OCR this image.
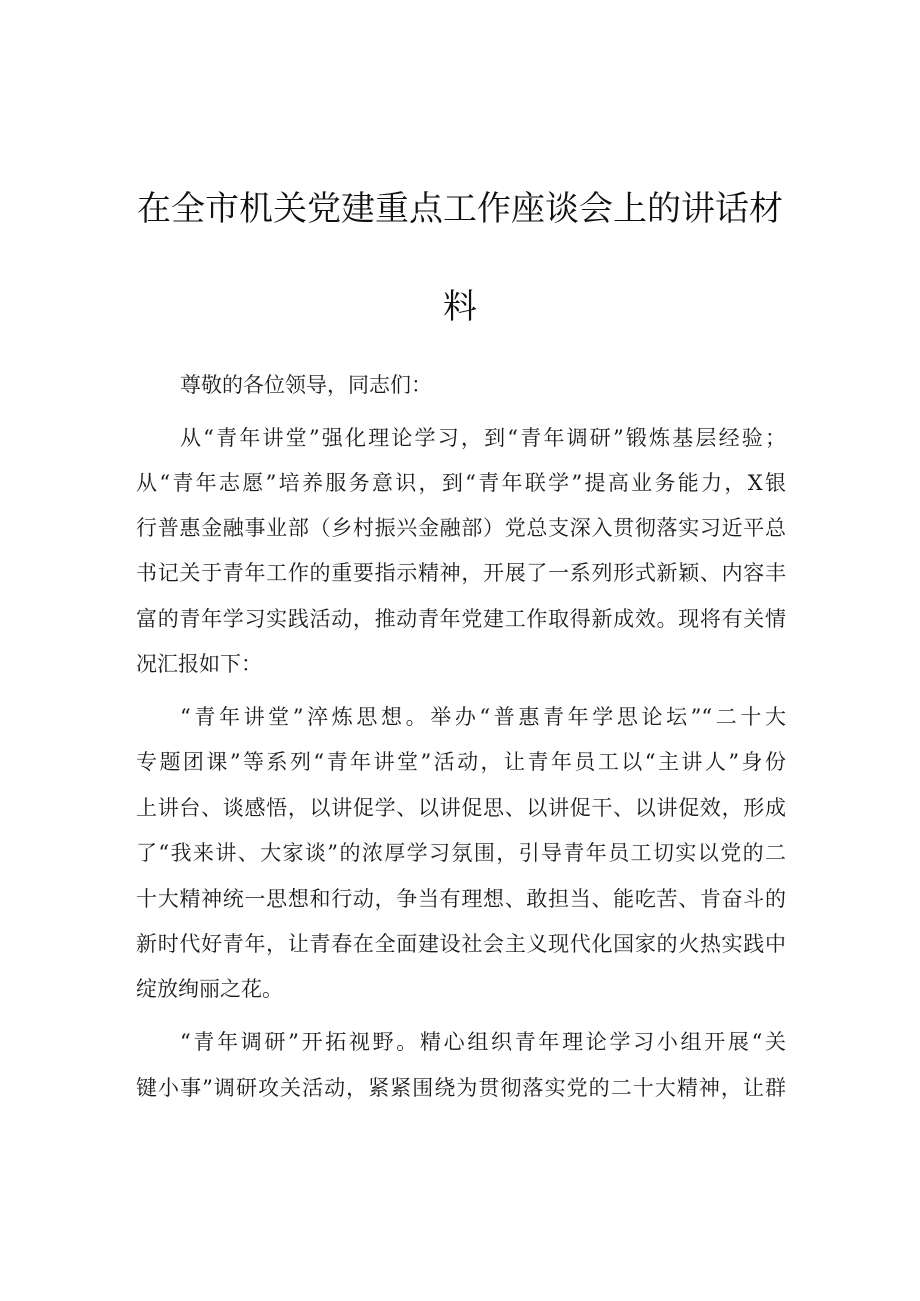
在全市机关党建重点工作座谈会上的讲话材
料
尊敬的各位领导，同志们：
从“青年讲堂”强化理论学习，到“青年调研”锻炼基层经验；
从“青年志愿”培养服务意识，到“青年联学”提高业务能力，X银
行普惠金融事业部（乡村振兴金融部）党总支深入贯彻落实习近平总
书记关于青年工作的重要指示精神，开展了一系列形式新颖、内容丰
富的青年学习实践活动，推动青年党建工作取得新成效。现将有关情
况汇报如下：
“青年讲堂”淬炼思想。举办“普惠青年学思论坛”“二十大
专题团课”等系列“青年讲堂”活动，让青年员工以“主讲人”身份
上讲台、谈感悟，以讲促学、以讲促思、以讲促干、以讲促效，形成
了“我来讲、大家谈”的浓厚学习氛围，引导青年员工切实以党的二
十大精神统一思想和行动，争当有理想、敢担当、能吃苦、肯奋斗的
新时代好青年，让青春在全面建设社会主义现代化国家的火热实践中
绽放绚丽之花。
“青年调研”开拓视野。精心组织青年理论学习小组开展“关
键小事”调研攻关活动，紧紧围绕为贯彻落实党的二十大精神，让群
